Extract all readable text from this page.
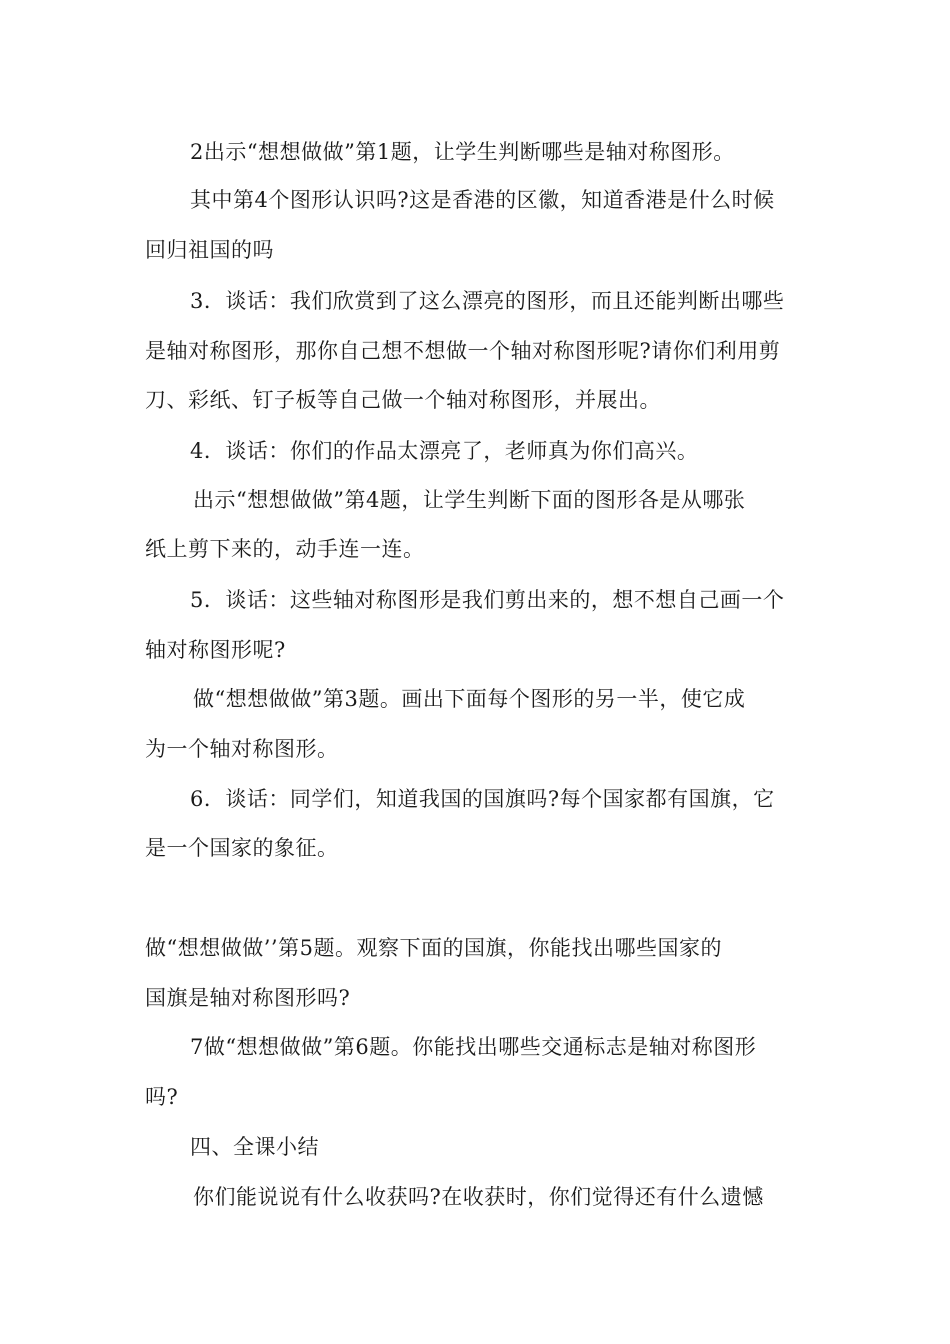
2出示“想想做做”第1题，让学生判断哪些是轴对称图形。
其中第4个图形认识吗?这是香港的区徽，知道香港是什么时候
回归祖国的吗
3．谈话：我们欣赏到了这么漂亮的图形，而且还能判断出哪些
是轴对称图形，那你自己想不想做一个轴对称图形呢?请你们利用剪
刀、彩纸、钉子板等自己做一个轴对称图形，并展出。
4．谈话：你们的作品太漂亮了，老师真为你们高兴。
出示“想想做做”第4题，让学生判断下面的图形各是从哪张
纸上剪下来的，动手连一连。
5．谈话：这些轴对称图形是我们剪出来的，想不想自己画一个
轴对称图形呢?
做“想想做做”第3题。画出下面每个图形的另一半，使它成
为一个轴对称图形。
6．谈话：同学们，知道我国的国旗吗?每个国家都有国旗，它
是一个国家的象征。
做“想想做做’’第5题。观察下面的国旗，你能找出哪些国家的
国旗是轴对称图形吗?
7做“想想做做”第6题。你能找出哪些交通标志是轴对称图形
吗?
四、全课小结
你们能说说有什么收获吗?在收获时，你们觉得还有什么遗憾
